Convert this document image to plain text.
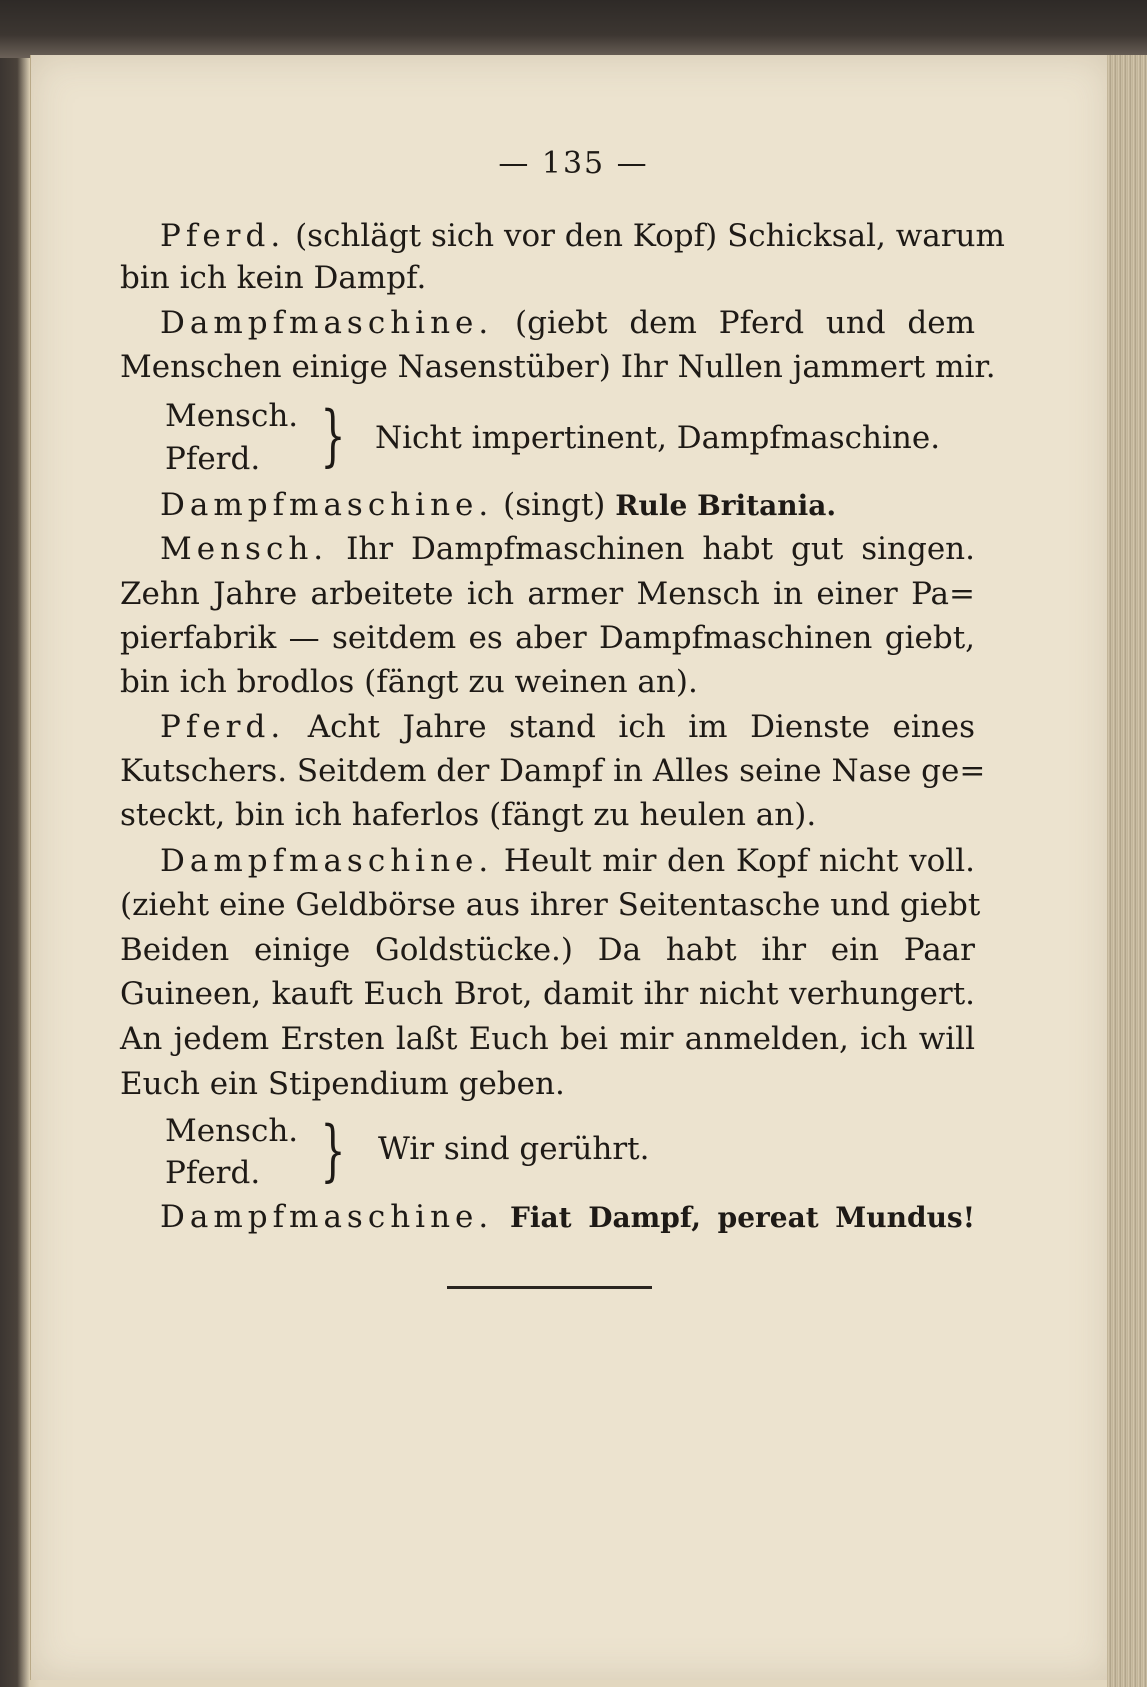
— 135 —
Pferd. (schlägt sich vor den Kopf) Schicksal, warum
bin ich kein Dampf.
Dampfmaschine. (giebt dem Pferd und dem
Menschen einige Nasenstüber) Ihr Nullen jammert mir.
Mensch.
Pferd. } Nicht impertinent, Dampfmaschine.
Dampfmaschine. (singt) Rule Britania.
Mensch. Ihr Dampfmaschinen habt gut singen.
Zehn Jahre arbeitete ich armer Mensch in einer Pa=
pierfabrik — seitdem es aber Dampfmaschinen giebt,
bin ich brodlos (fängt zu weinen an).
Pferd. Acht Jahre stand ich im Dienste eines
Kutschers. Seitdem der Dampf in Alles seine Nase ge=
steckt, bin ich haferlos (fängt zu heulen an).
Dampfmaschine. Heult mir den Kopf nicht voll.
(zieht eine Geldbörse aus ihrer Seitentasche und giebt
Beiden einige Goldstücke.) Da habt ihr ein Paar
Guineen, kauft Euch Brot, damit ihr nicht verhungert.
An jedem Ersten laßt Euch bei mir anmelden, ich will
Euch ein Stipendium geben.
Mensch.
Pferd. } Wir sind gerührt.
Dampfmaschine. Fiat Dampf, pereat Mundus!
